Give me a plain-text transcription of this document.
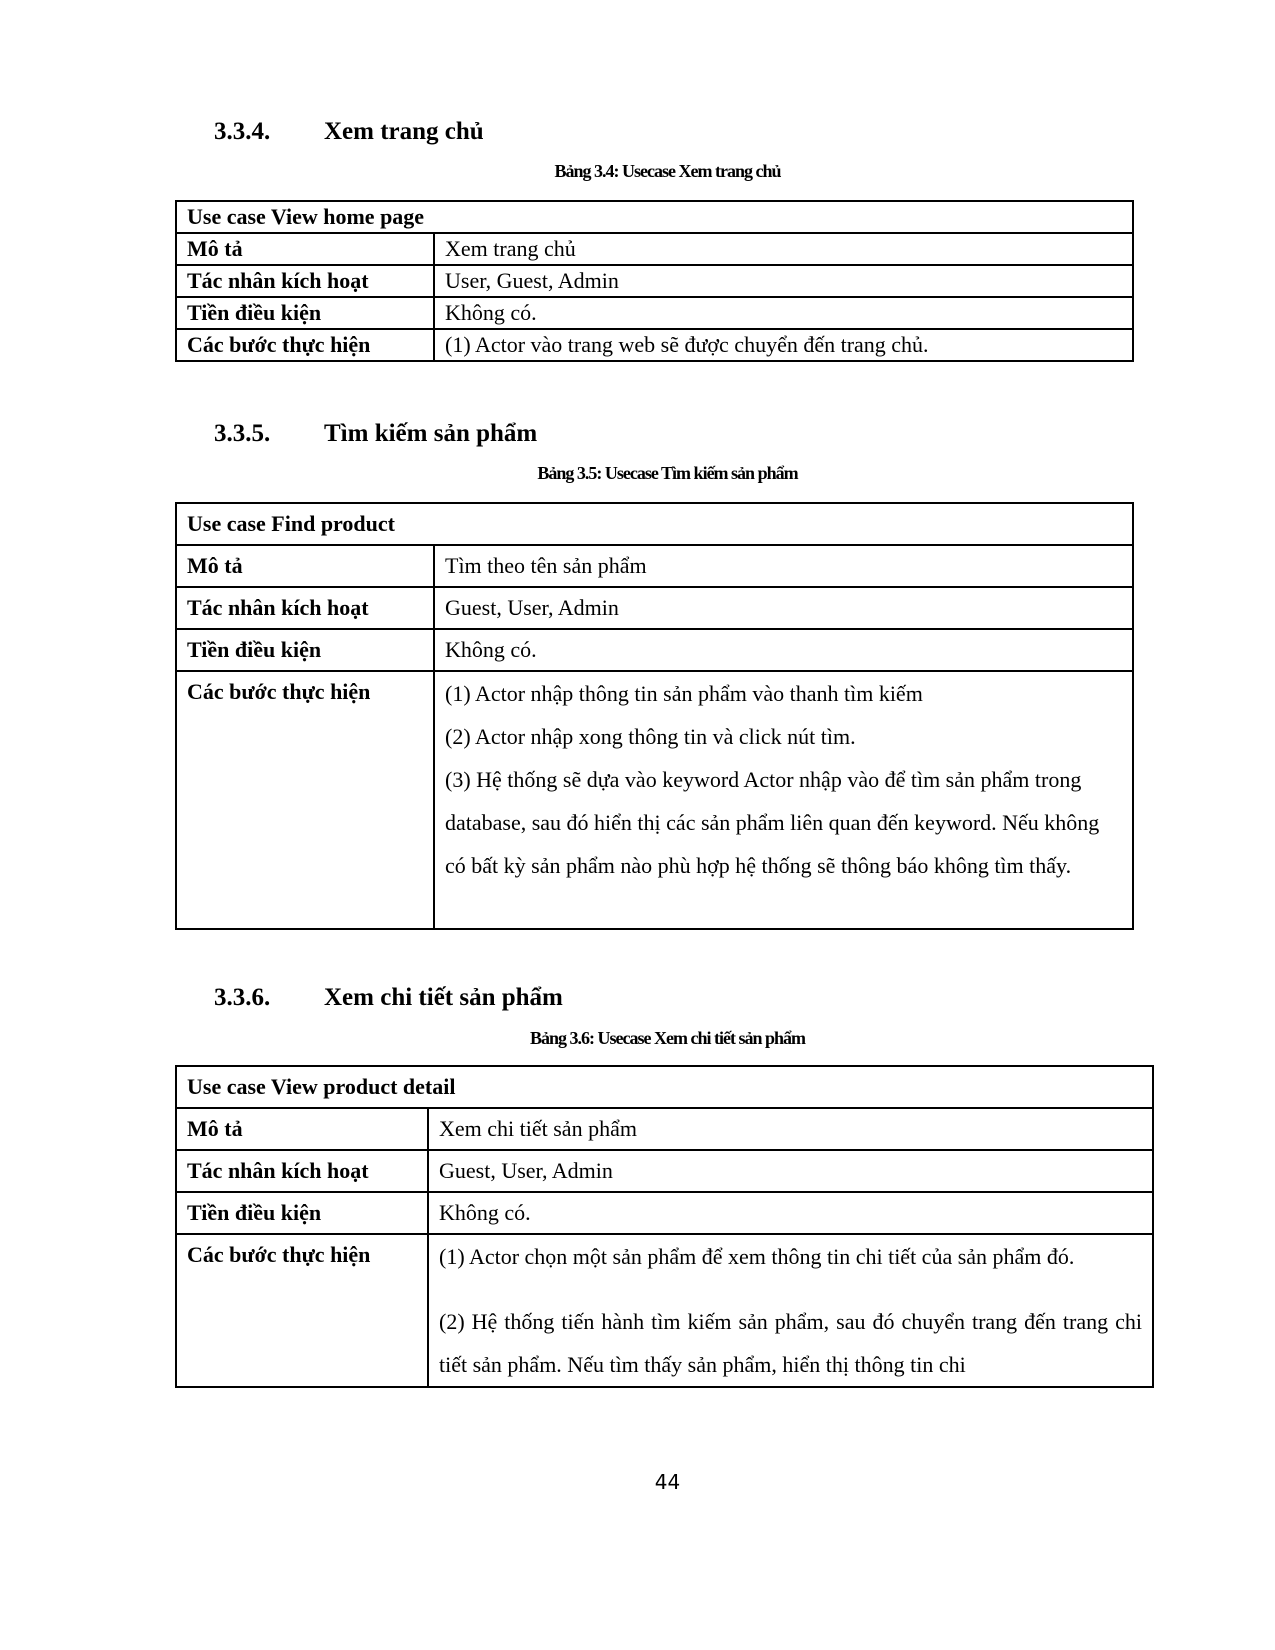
3.3.4. Xem trang chủ
Bảng 3.4: Usecase Xem trang chủ
Use case View home page	
Mô tả	Xem trang chủ
Tác nhân kích hoạt	User, Guest, Admin
Tiền điều kiện	Không có.
Các bước thực hiện	(1) Actor vào trang web sẽ được chuyển đến trang chủ.
3.3.5. Tìm kiếm sản phẩm
Bảng 3.5: Usecase Tìm kiếm sản phẩm
Use case Find product	
Mô tả	Tìm theo tên sản phẩm
Tác nhân kích hoạt	Guest, User, Admin
Tiền điều kiện	Không có.
Các bước thực hiện	(1) Actor nhập thông tin sản phẩm vào thanh tìm kiếm

(2) Actor nhập xong thông tin và click nút tìm.

(3) Hệ thống sẽ dựa vào keyword Actor nhập vào để tìm sản phẩm trong database, sau đó hiển thị các sản phẩm liên quan đến keyword. Nếu không có bất kỳ sản phẩm nào phù hợp hệ thống sẽ thông báo không tìm thấy.

3.3.6. Xem chi tiết sản phẩm
Bảng 3.6: Usecase Xem chi tiết sản phẩm
Use case View product detail	
Mô tả	Xem chi tiết sản phẩm
Tác nhân kích hoạt	Guest, User, Admin
Tiền điều kiện	Không có.
Các bước thực hiện	(1) Actor chọn một sản phẩm để xem thông tin chi tiết của sản phẩm đó.

(2) Hệ thống tiến hành tìm kiếm sản phẩm, sau đó chuyển trang đến trang chi tiết sản phẩm. Nếu tìm thấy sản phẩm, hiển thị thông tin chi

44
